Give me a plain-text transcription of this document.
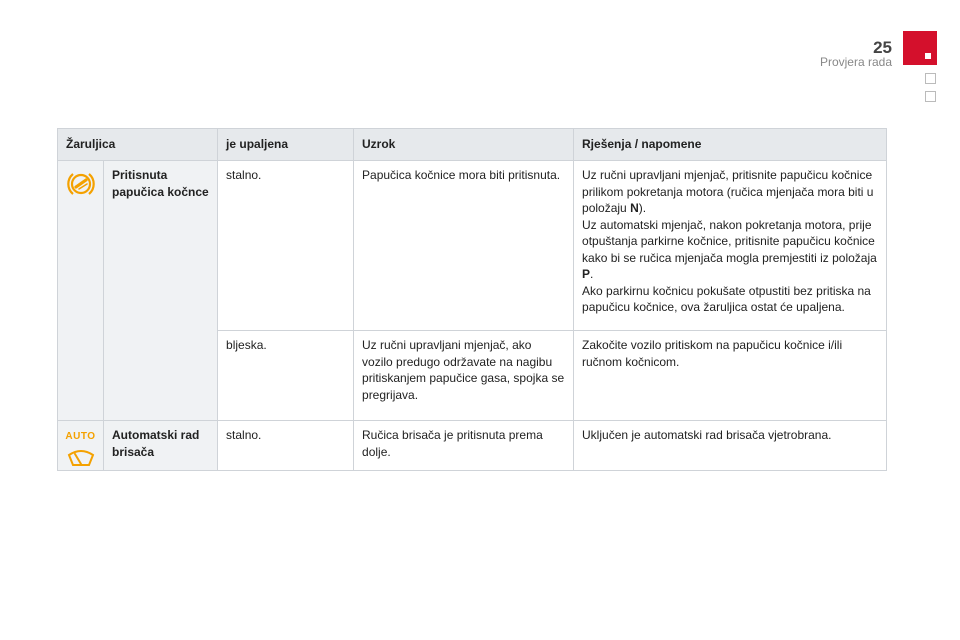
25
Provjera rada
Žaruljica		je upaljena	Uzrok	Rješenja / napomene

	Pritisnuta papučica kočnce	stalno.	Papučica kočnice mora biti pritisnuta.	Uz ručni upravljani mjenjač, pritisnite papučicu kočnice prilikom pokretanja motora (ručica mjenjača mora biti u položaju N).
Uz automatski mjenjač, nakon pokretanja motora, prije otpuštanja parkirne kočnice, pritisnite papučicu kočnice kako bi se ručica mjenjača mogla premjestiti iz položaja P.
Ako parkirnu kočnicu pokušate otpustiti bez pritiska na papučicu kočnice, ova žaruljica ostat će upaljena.
		bljeska.	Uz ručni upravljani mjenjač, ako vozilo predugo održavate na nagibu pritiskanjem papučice gasa, spojka se pregrijava.	Zakočite vozilo pritiskom na papučicu kočnice i/ili ručnom kočnicom.

AUTO	Automatski rad brisača	stalno.	Ručica brisača je pritisnuta prema dolje.	Uključen je automatski rad brisača vjetrobrana.
